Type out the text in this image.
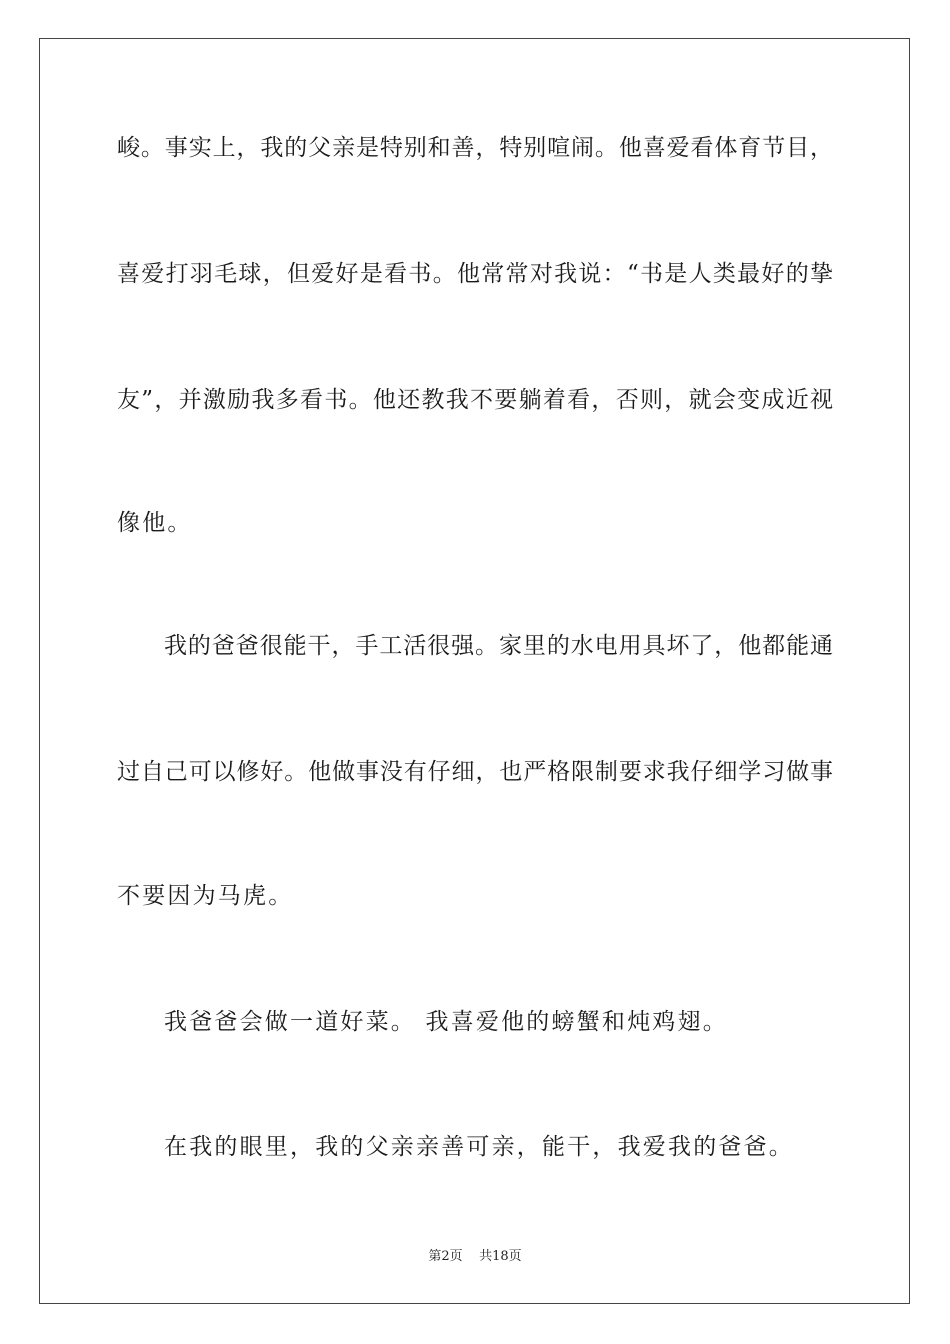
峻。事实上，我的父亲是特别和善，特别喧闹。他喜爱看体育节目，
喜爱打羽毛球，但爱好是看书。他常常对我说：“书是人类最好的挚
友”，并激励我多看书。他还教我不要躺着看，否则，就会变成近视
像他。
我的爸爸很能干，手工活很强。家里的水电用具坏了，他都能通
过自己可以修好。他做事没有仔细，也严格限制要求我仔细学习做事
不要因为马虎。
我爸爸会做一道好菜。 我喜爱他的螃蟹和炖鸡翅。
在我的眼里，我的父亲亲善可亲，能干，我爱我的爸爸。
第2页    共18页
